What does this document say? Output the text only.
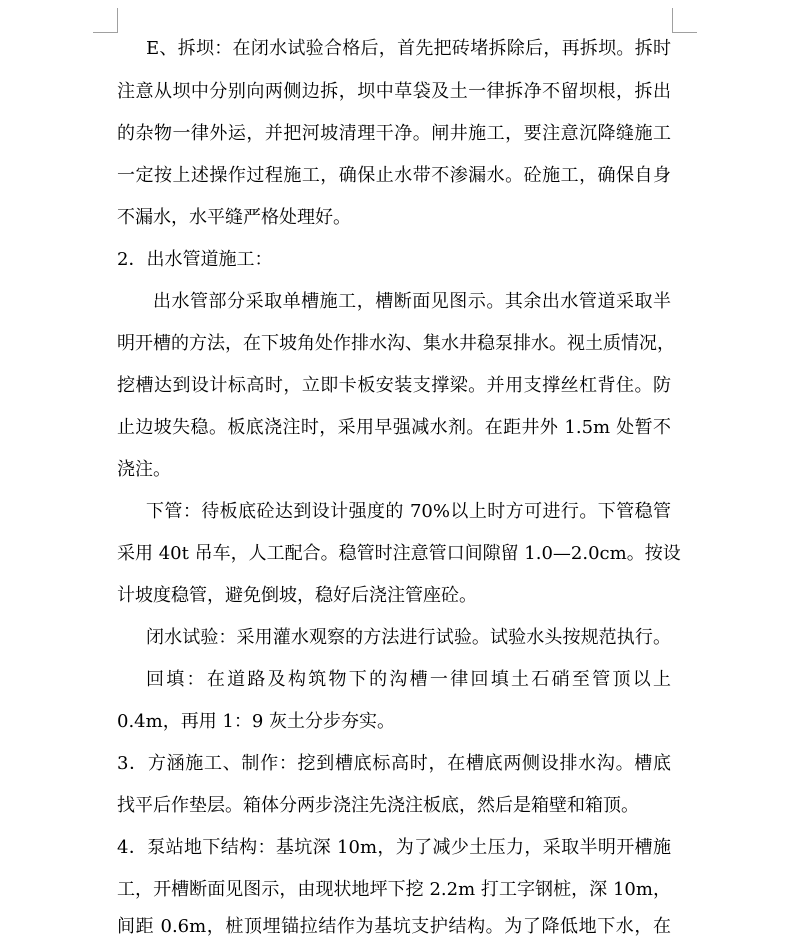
E、拆坝：在闭水试验合格后，首先把砖堵拆除后，再拆坝。拆时
注意从坝中分别向两侧边拆，坝中草袋及土一律拆净不留坝根，拆出
的杂物一律外运，并把河坡清理干净。闸井施工，要注意沉降缝施工
一定按上述操作过程施工，确保止水带不渗漏水。砼施工，确保自身
不漏水，水平缝严格处理好。
2．出水管道施工：
出水管部分采取单槽施工，槽断面见图示。其余出水管道采取半
明开槽的方法，在下坡角处作排水沟、集水井稳泵排水。视土质情况，
挖槽达到设计标高时，立即卡板安装支撑梁。并用支撑丝杠背住。防
止边坡失稳。板底浇注时，采用早强减水剂。在距井外 1.5m 处暂不
浇注。
下管：待板底砼达到设计强度的 70%以上时方可进行。下管稳管
采用 40t 吊车，人工配合。稳管时注意管口间隙留 1.0—2.0cm。按设
计坡度稳管，避免倒坡，稳好后浇注管座砼。
闭水试验：采用灌水观察的方法进行试验。试验水头按规范执行。
回填：在道路及构筑物下的沟槽一律回填土石硝至管顶以上
0.4m，再用 1：9 灰土分步夯实。
3．方涵施工、制作：挖到槽底标高时，在槽底两侧设排水沟。槽底
找平后作垫层。箱体分两步浇注先浇注板底，然后是箱壁和箱顶。
4．泵站地下结构：基坑深 10m，为了减少土压力，采取半明开槽施
工，开槽断面见图示，由现状地坪下挖 2.2m 打工字钢桩，深 10m，
间距 0.6m，桩顶埋锚拉结作为基坑支护结构。为了降低地下水，在
